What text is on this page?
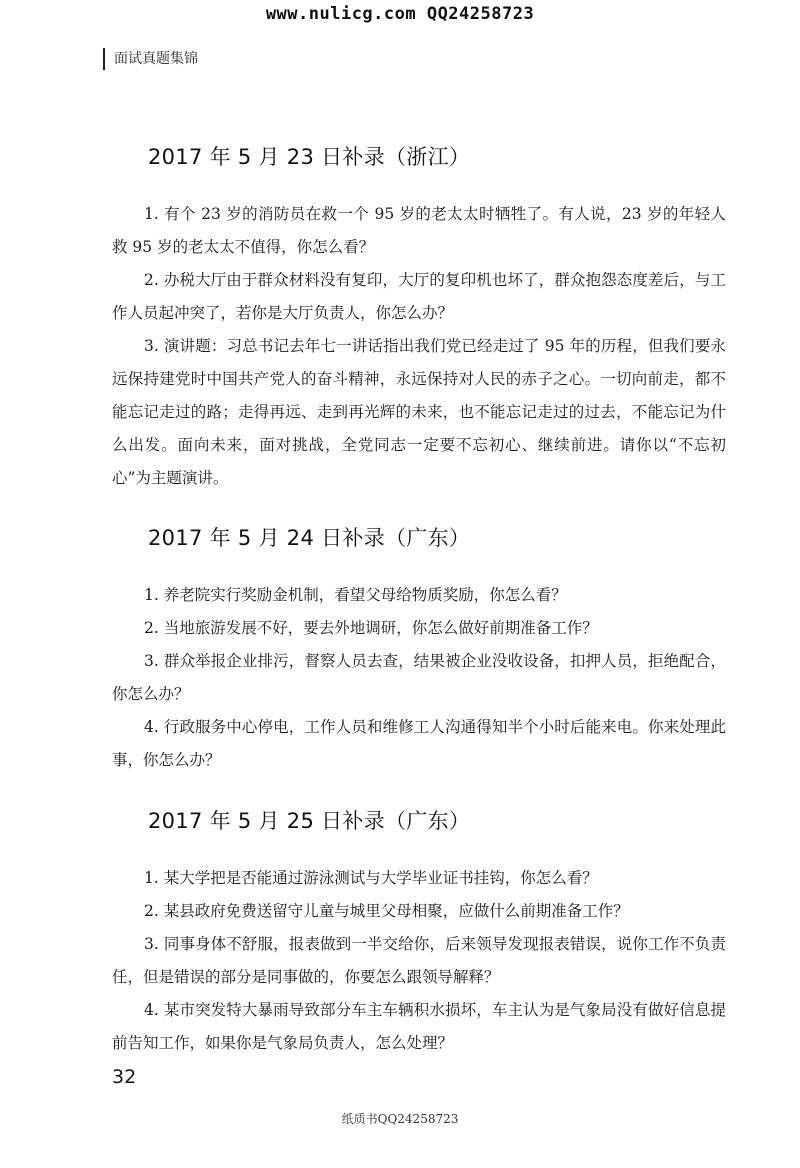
www.nulicg.com QQ24258723
面试真题集锦
2017 年 5 月 23 日补录（浙江）

1. 有个 23 岁的消防员在救一个 95 岁的老太太时牺牲了。有人说，23 岁的年轻人救 95 岁的老太太不值得，你怎么看？

2. 办税大厅由于群众材料没有复印，大厅的复印机也坏了，群众抱怨态度差后，与工作人员起冲突了，若你是大厅负责人，你怎么办？

3. 演讲题：习总书记去年七一讲话指出我们党已经走过了 95 年的历程，但我们要永远保持建党时中国共产党人的奋斗精神，永远保持对人民的赤子之心。一切向前走，都不能忘记走过的路；走得再远、走到再光辉的未来，也不能忘记走过的过去，不能忘记为什么出发。面向未来，面对挑战，全党同志一定要不忘初心、继续前进。请你以“不忘初心”为主题演讲。

2017 年 5 月 24 日补录（广东）

1. 养老院实行奖励金机制，看望父母给物质奖励，你怎么看？

2. 当地旅游发展不好，要去外地调研，你怎么做好前期准备工作？

3. 群众举报企业排污，督察人员去查，结果被企业没收设备，扣押人员，拒绝配合，你怎么办？

4. 行政服务中心停电，工作人员和维修工人沟通得知半个小时后能来电。你来处理此事，你怎么办？

2017 年 5 月 25 日补录（广东）

1. 某大学把是否能通过游泳测试与大学毕业证书挂钩，你怎么看？

2. 某县政府免费送留守儿童与城里父母相聚，应做什么前期准备工作？

3. 同事身体不舒服，报表做到一半交给你，后来领导发现报表错误，说你工作不负责任，但是错误的部分是同事做的，你要怎么跟领导解释？

4. 某市突发特大暴雨导致部分车主车辆积水损坏，车主认为是气象局没有做好信息提前告知工作，如果你是气象局负责人，怎么处理？

32
纸质书QQ24258723
